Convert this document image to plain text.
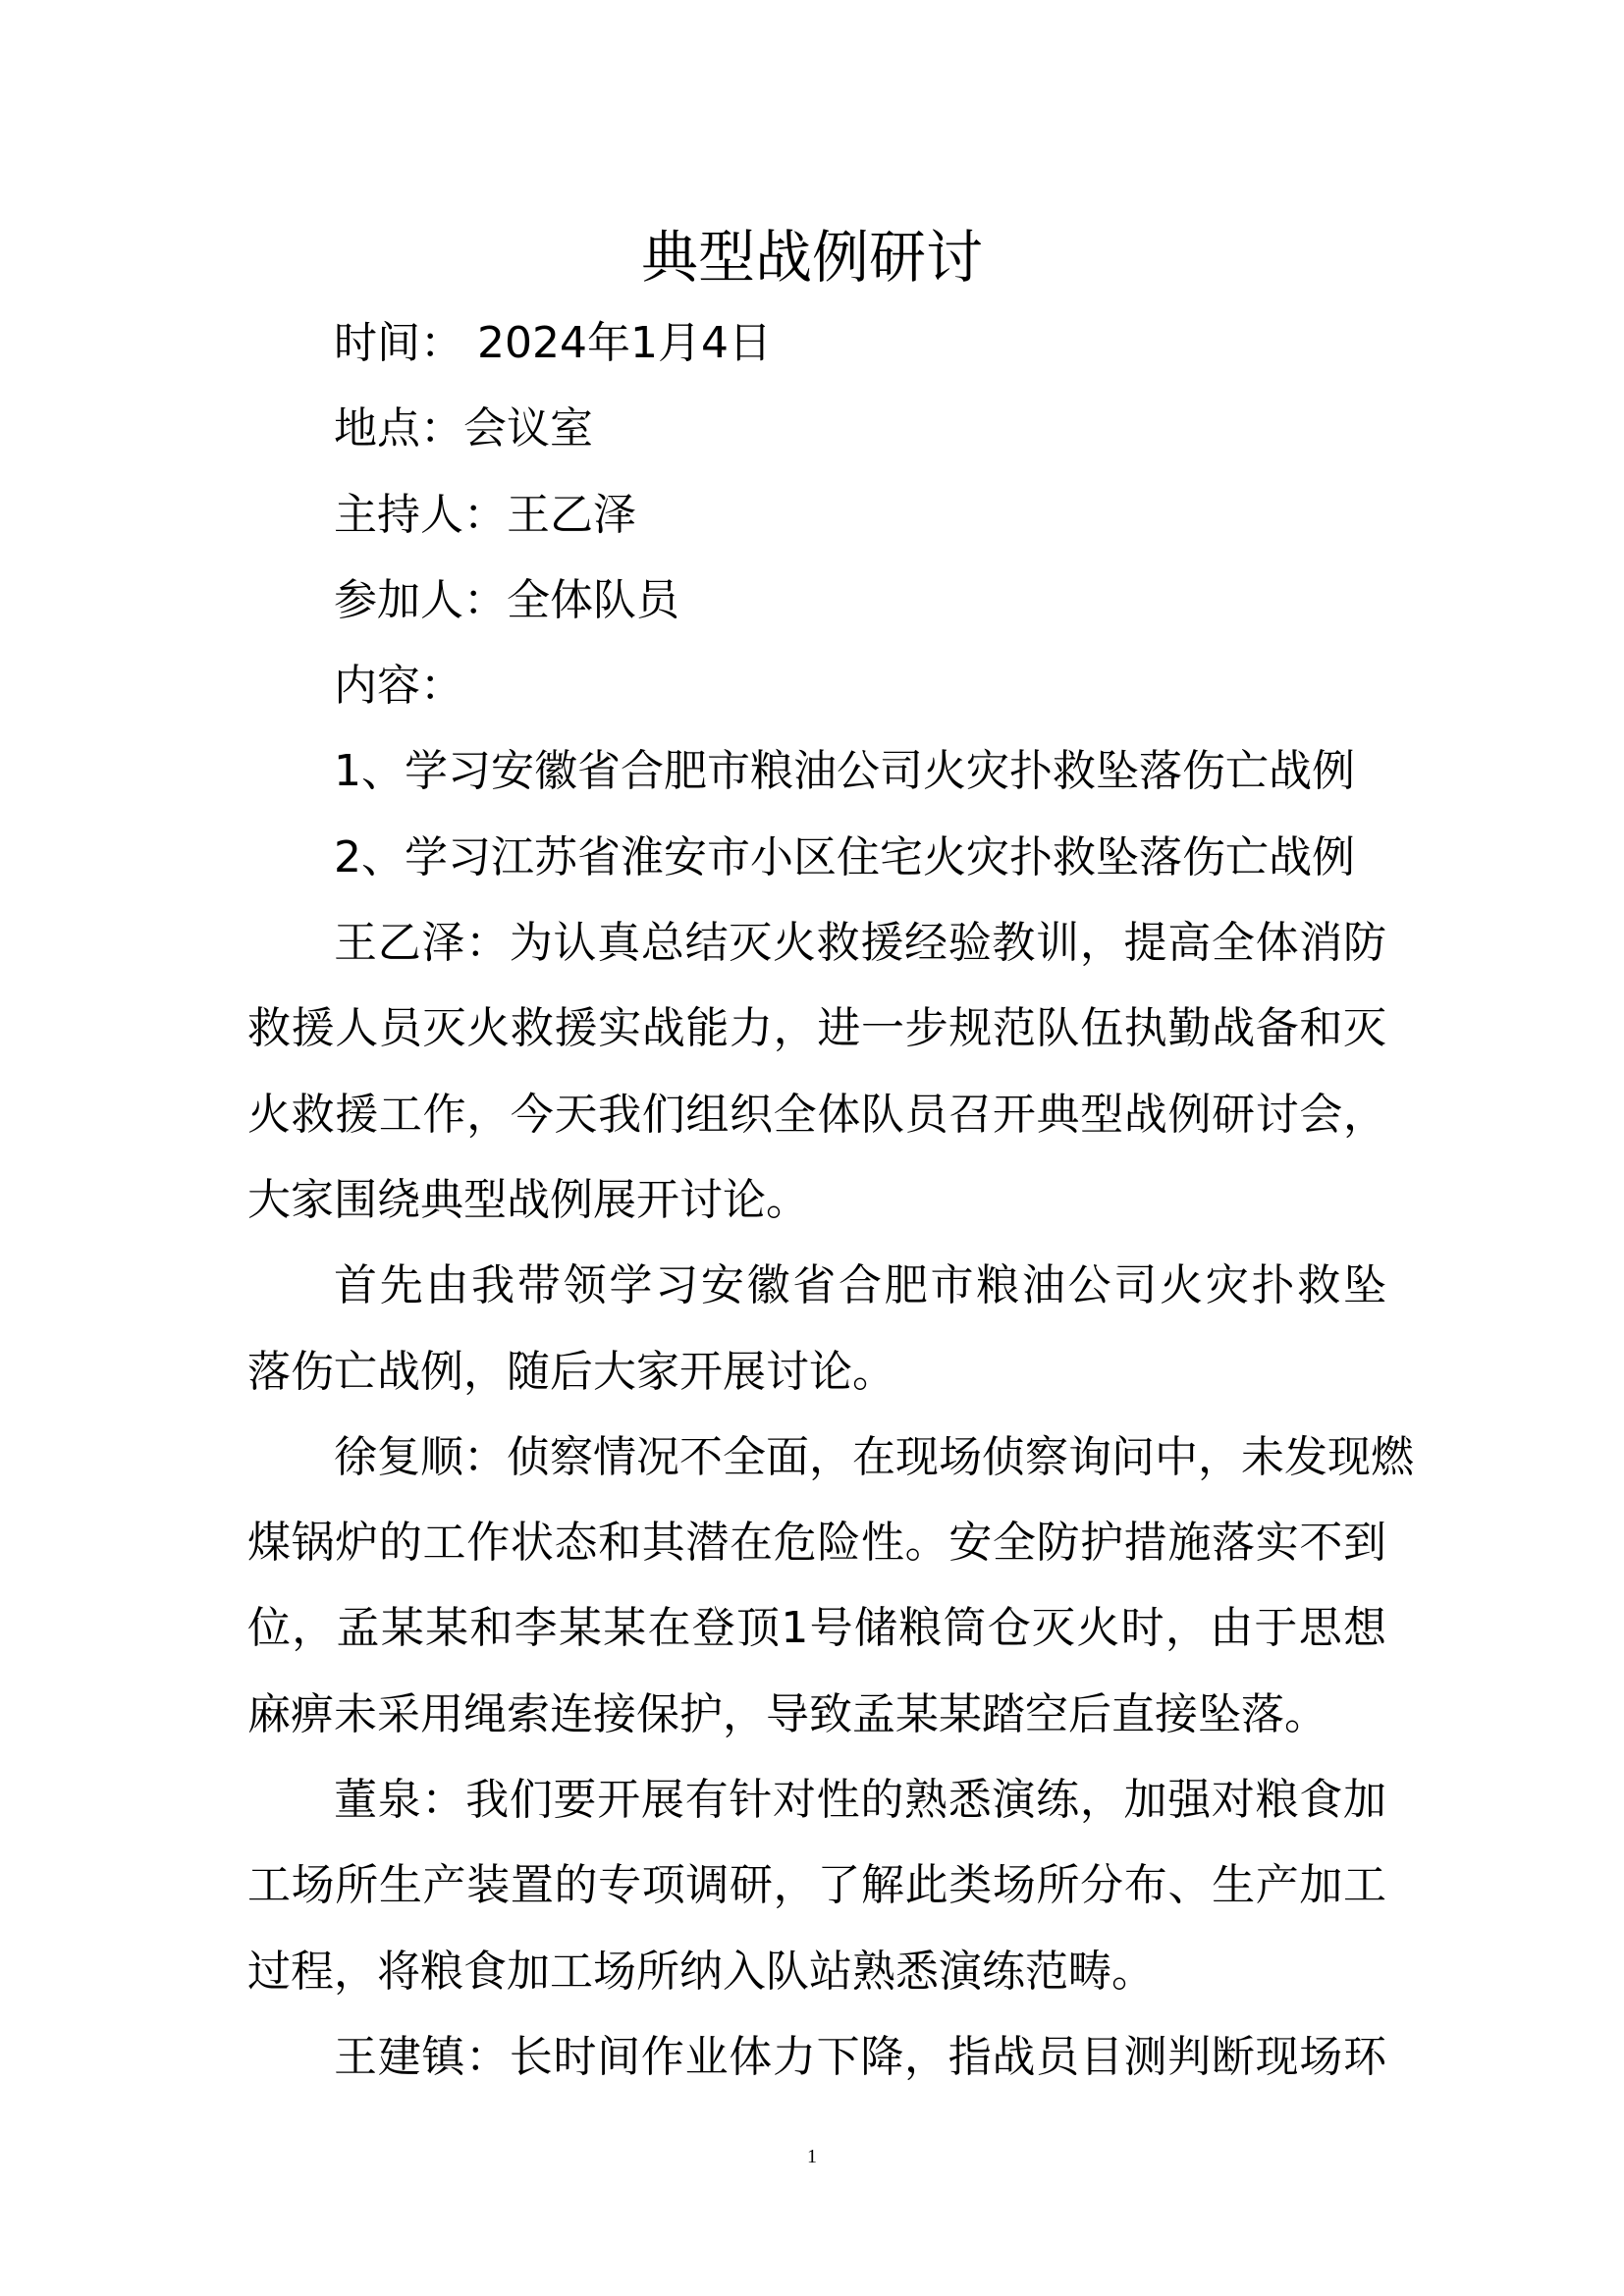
典型战例研讨
时间： 2024年1月4日
地点：会议室
主持人：王乙泽
参加人：全体队员
内容：
1、学习安徽省合肥市粮油公司火灾扑救坠落伤亡战例
2、学习江苏省淮安市小区住宅火灾扑救坠落伤亡战例
王乙泽：为认真总结灭火救援经验教训，提高全体消防
救援人员灭火救援实战能力，进一步规范队伍执勤战备和灭
火救援工作，今天我们组织全体队员召开典型战例研讨会，
大家围绕典型战例展开讨论。
首先由我带领学习安徽省合肥市粮油公司火灾扑救坠
落伤亡战例，随后大家开展讨论。
徐复顺：侦察情况不全面，在现场侦察询问中，未发现燃
煤锅炉的工作状态和其潜在危险性。安全防护措施落实不到
位，孟某某和李某某在登顶1号储粮筒仓灭火时，由于思想
麻痹未采用绳索连接保护，导致孟某某踏空后直接坠落。
董泉：我们要开展有针对性的熟悉演练，加强对粮食加
工场所生产装置的专项调研，了解此类场所分布、生产加工
过程，将粮食加工场所纳入队站熟悉演练范畴。
王建镇：长时间作业体力下降，指战员目测判断现场环
1
